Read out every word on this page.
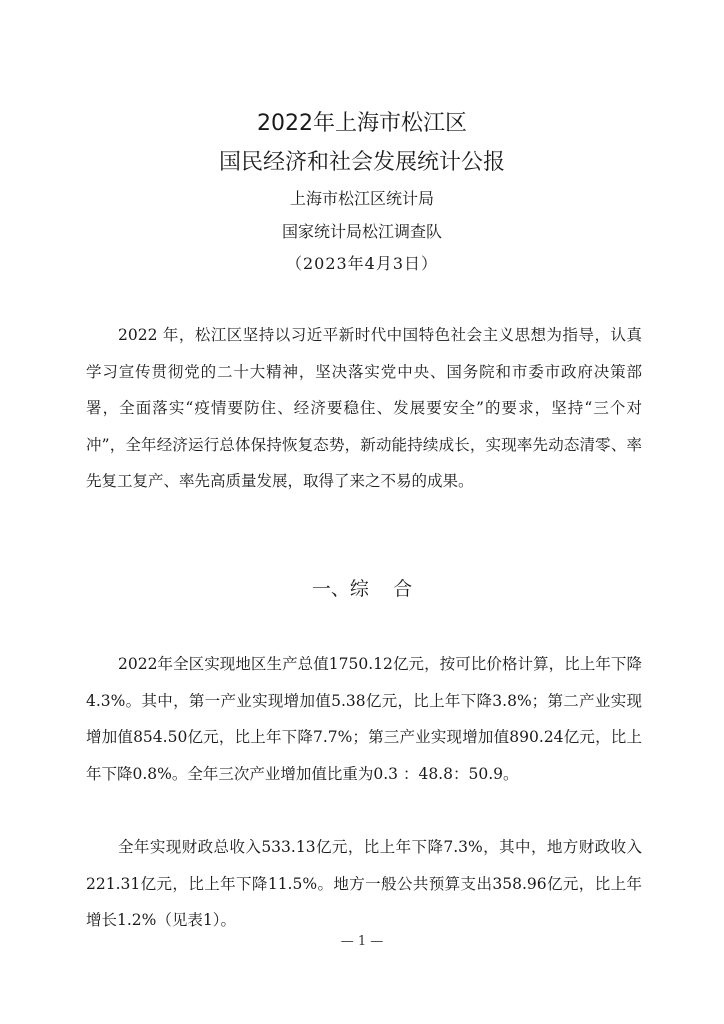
2022年上海市松江区
国民经济和社会发展统计公报
上海市松江区统计局
国家统计局松江调查队
（2023年4月3日）

2022 年，松江区坚持以习近平新时代中国特色社会主义思想为指导，认真学习宣传贯彻党的二十大精神，坚决落实党中央、国务院和市委市政府决策部署，全面落实“疫情要防住、经济要稳住、发展要安全”的要求，坚持“三个对冲”，全年经济运行总体保持恢复态势，新动能持续成长，实现率先动态清零、率先复工复产、率先高质量发展，取得了来之不易的成果。

一、综    合

2022年全区实现地区生产总值1750.12亿元，按可比价格计算，比上年下降4.3%。其中，第一产业实现增加值5.38亿元，比上年下降3.8%；第二产业实现增加值854.50亿元，比上年下降7.7%；第三产业实现增加值890.24亿元，比上年下降0.8%。全年三次产业增加值比重为0.3 ：48.8：50.9。

全年实现财政总收入533.13亿元，比上年下降7.3%，其中，地方财政收入221.31亿元，比上年下降11.5%。地方一般公共预算支出358.96亿元，比上年增长1.2%（见表1）。

— 1 —
